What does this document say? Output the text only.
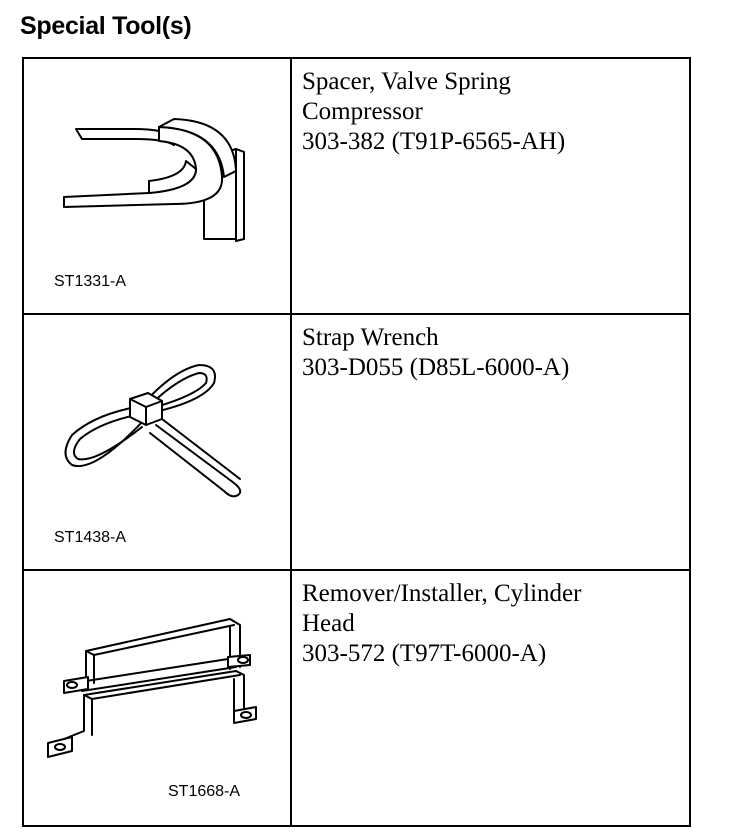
Special Tool(s)
ST1331-A	Spacer, Valve Spring
Compressor
303-382 (T91P-6565-AH)

ST1438-A	Strap Wrench
303-D055 (D85L-6000-A)

ST1668-A	Remover/Installer, Cylinder
Head
303-572 (T97T-6000-A)
